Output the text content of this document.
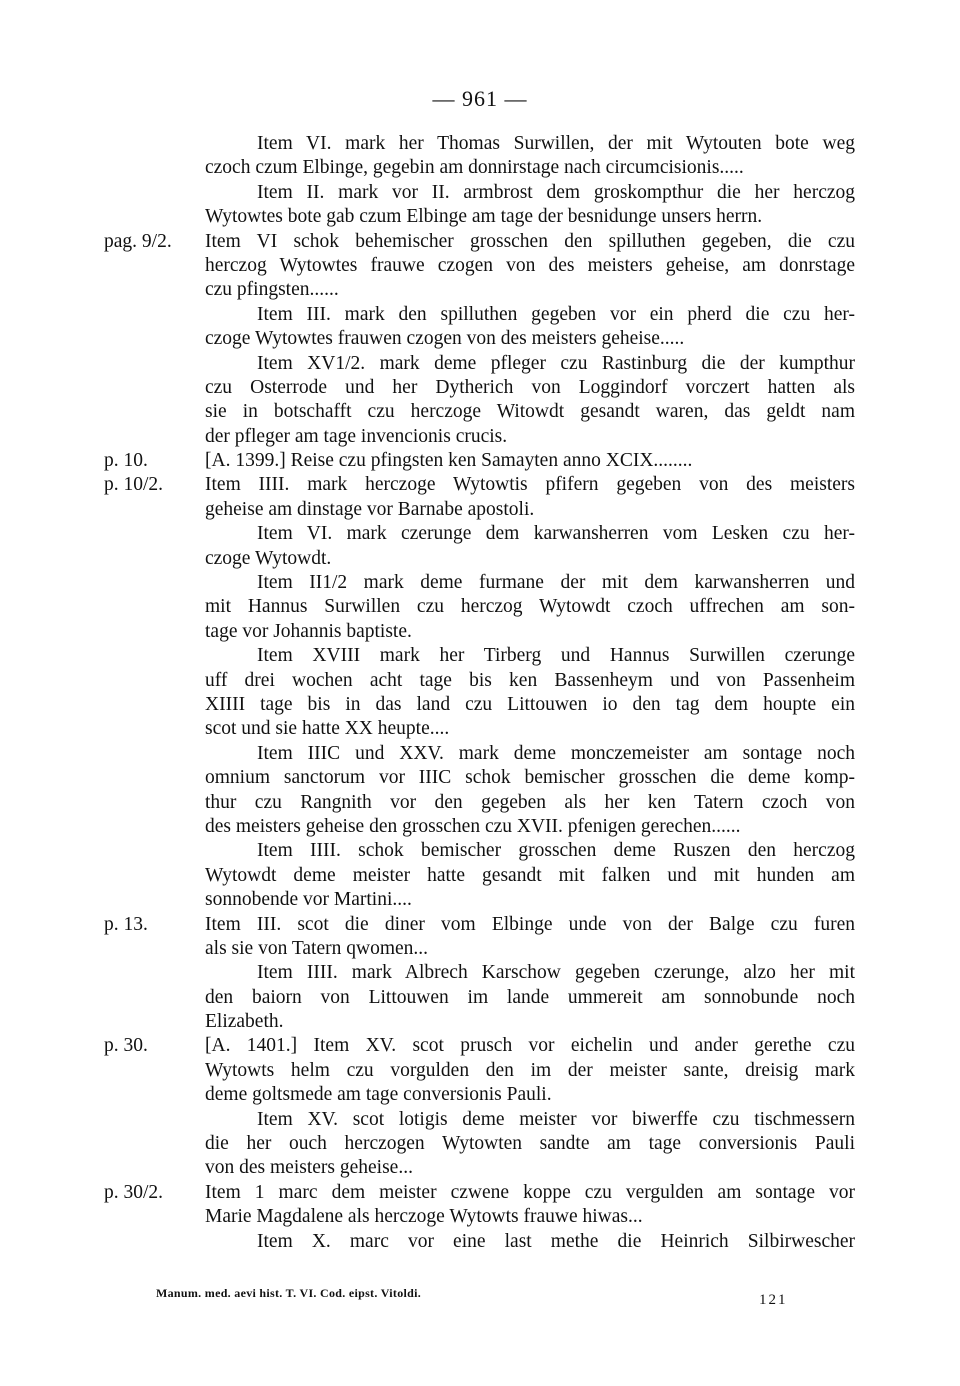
— 961 —
Item VI. mark her Thomas Surwillen, der mit Wytouten bote weg
czoch czum Elbinge, gegebin am donnirstage nach circumcisionis.....
Item II. mark vor II. armbrost dem groskompthur die her herczog
Wytowtes bote gab czum Elbinge am tage der besnidunge unsers herrn.
pag. 9/2. Item VI schok behemischer grosschen den spilluthen gegeben, die czu
herczog Wytowtes frauwe czogen von des meisters geheise, am donrstage
czu pfingsten......
Item III. mark den spilluthen gegeben vor ein pherd die czu her-
czoge Wytowtes frauwen czogen von des meisters geheise.....
Item XV1/2. mark deme pfleger czu Rastinburg die der kumpthur
czu Osterrode und her Dytherich von Loggindorf vorczert hatten als
sie in botschafft czu herczoge Witowdt gesandt waren, das geldt nam
der pfleger am tage invencionis crucis.
p. 10.	[A. 1399.] Reise czu pfingsten ken Samayten anno XCIX........
p. 10/2. Item IIII. mark herczoge Wytowtis pfifern gegeben von des meisters
geheise am dinstage vor Barnabe apostoli.
Item VI. mark czerunge dem karwansherren vom Lesken czu her-
czoge Wytowdt.
Item II1/2 mark deme furmane der mit dem karwansherren und
mit Hannus Surwillen czu herczog Wytowdt czoch uffrechen am son-
tage vor Johannis baptiste.
Item XVIII mark her Tirberg und Hannus Surwillen czerunge
uff drei wochen acht tage bis ken Bassenheym und von Passenheim
XIIII tage bis in das land czu Littouwen io den tag dem houpte ein
scot und sie hatte XX heupte....
Item IIIC und XXV. mark deme monczemeister am sontage noch
omnium sanctorum vor IIIC schok bemischer grosschen die deme komp-
thur czu Rangnith vor den gegeben als her ken Tatern czoch von
des meisters geheise den grosschen czu XVII. pfenigen gerechen......
Item IIII. schok bemischer grosschen deme Ruszen den herczog
Wytowdt deme meister hatte gesandt mit falken und mit hunden am
sonnobende vor Martini....
p. 13.	Item III. scot die diner vom Elbinge unde von der Balge czu furen
als sie von Tatern qwomen...
Item IIII. mark Albrech Karschow gegeben czerunge, alzo her mit
den baiorn von Littouwen im lande ummereit am sonnobunde noch
Elizabeth.
p. 30.	[A. 1401.] Item XV. scot prusch vor eichelin und ander gerethe czu
Wytowts helm czu vorgulden den im der meister sante, dreisig mark
deme goltsmede am tage conversionis Pauli.
Item XV. scot lotigis deme meister vor biwerffe czu tischmessern
die her ouch herczogen Wytowten sandte am tage conversionis Pauli
von des meisters geheise...
p. 30/2. Item 1 marc dem meister czwene koppe czu vergulden am sontage vor
Marie Magdalene als herczoge Wytowts frauwe hiwas...
Item X. marc vor eine last methe die Heinrich Silbirwescher
Manum. med. aevi hist. T. VI. Cod. eipst. Vitoldi.	121
